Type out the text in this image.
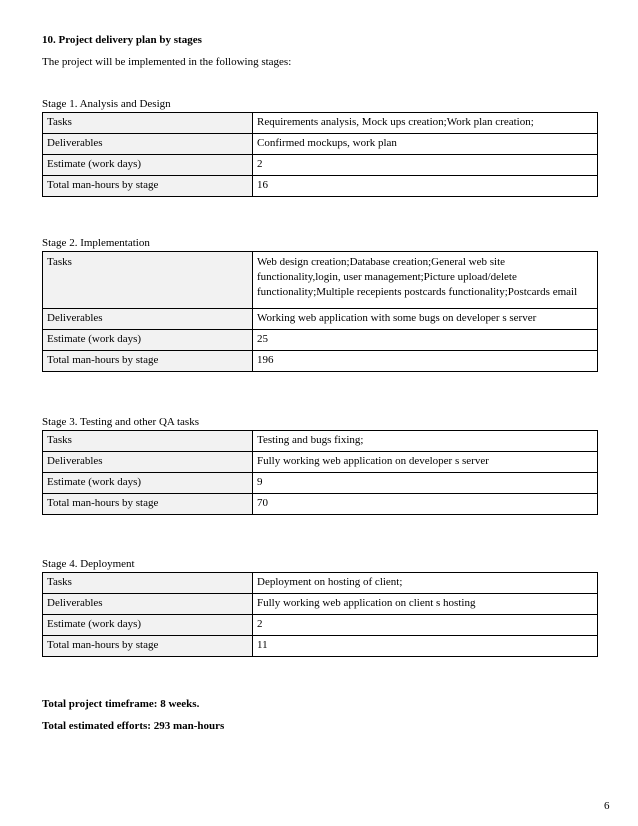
10. Project delivery plan by stages
The project will be implemented in the following stages:
Stage 1. Analysis and Design
Tasks	Requirements analysis, Mock ups creation;Work plan creation;
Deliverables	Confirmed mockups, work plan
Estimate (work days)	2
Total man-hours by stage	16
Stage 2. Implementation
Tasks	Web design creation;Database creation;General web site
functionality,login, user management;Picture upload/delete
functionality;Multiple recepients postcards functionality;Postcards email

Deliverables	Working web application with some bugs on developer s server
Estimate (work days)	25
Total man-hours by stage	196
Stage 3. Testing and other QA tasks
Tasks	Testing and bugs fixing;
Deliverables	Fully working web application on developer s server
Estimate (work days)	9
Total man-hours by stage	70
Stage 4. Deployment
Tasks	Deployment on hosting of client;
Deliverables	Fully working web application on client s hosting
Estimate (work days)	2
Total man-hours by stage	11
Total project timeframe: 8 weeks.
Total estimated efforts: 293 man-hours
6
